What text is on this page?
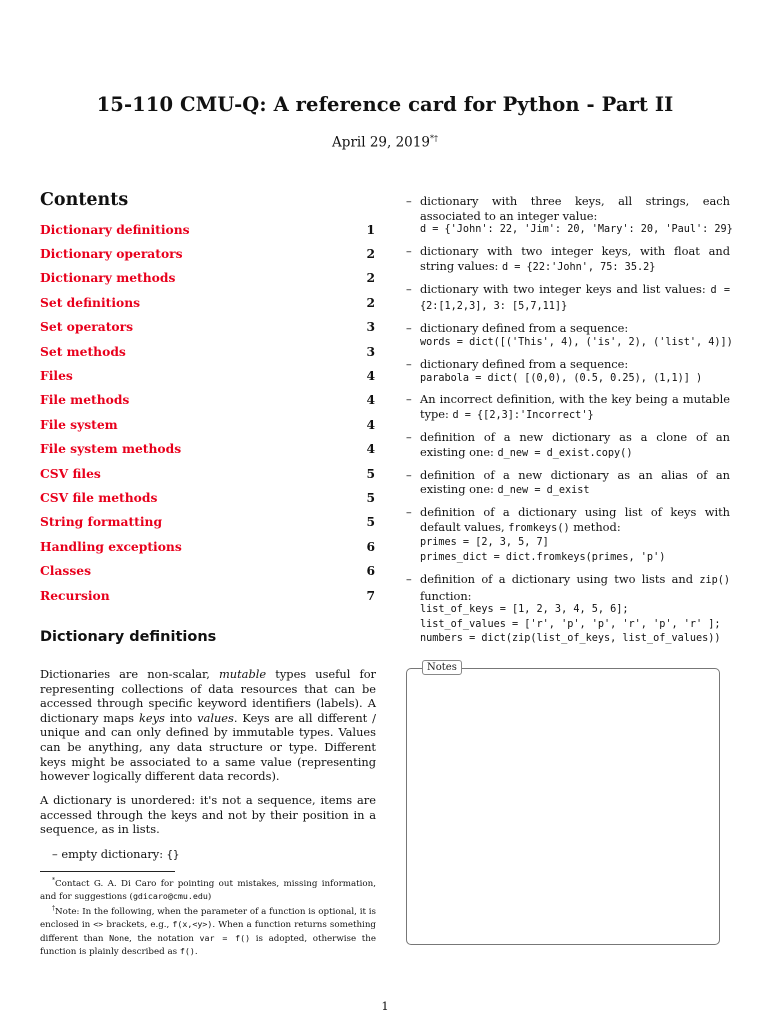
15-110 CMU-Q: A reference card for Python - Part II
April 29, 2019*†
Contents
Dictionary definitions	1
Dictionary operators	2
Dictionary methods	2
Set definitions	2
Set operators	3
Set methods	3
Files	4
File methods	4
File system	4
File system methods	4
CSV files	5
CSV file methods	5
String formatting	5
Handling exceptions	6
Classes	6
Recursion	7
Dictionary definitions
Dictionaries are non-scalar, mutable types useful for representing collections of data resources that can be accessed through specific keyword identifiers (labels). A dictionary maps keys into values. Keys are all different / unique and can only defined by immutable types. Values can be anything, any data structure or type. Different keys might be associated to a same value (representing however logically different data records).
A dictionary is unordered: it's not a sequence, items are accessed through the keys and not by their position in a sequence, as in lists.
– empty dictionary: {}

*Contact G. A. Di Caro for pointing out mistakes, missing information, and for suggestions (gdicaro@cmu.edu)

†Note: In the following, when the parameter of a function is optional, it is enclosed in <> brackets, e.g., f(x,<y>). When a function returns something different than None, the notation var = f() is adopted, otherwise the function is plainly described as f().

– dictionary with three keys, all strings, each associated to an integer value:
d = {'John': 22, 'Jim': 20, 'Mary': 20, 'Paul': 29}
– dictionary with two integer keys, with float and string values: d = {22:'John', 75: 35.2}
– dictionary with two integer keys and list values: d = {2:[1,2,3], 3: [5,7,11]}
– dictionary defined from a sequence:
words = dict([('This', 4), ('is', 2), ('list', 4)])
– dictionary defined from a sequence:
parabola = dict( [(0,0), (0.5, 0.25), (1,1)] )
– An incorrect definition, with the key being a mutable type: d = {[2,3]:'Incorrect'}
– definition of a new dictionary as a clone of an existing one: d_new = d_exist.copy()
– definition of a new dictionary as an alias of an existing one: d_new = d_exist
– definition of a dictionary using list of keys with default values, fromkeys() method:
primes = [2, 3, 5, 7]
primes_dict = dict.fromkeys(primes, 'p')
– definition of a dictionary using two lists and zip() function:
list_of_keys = [1, 2, 3, 4, 5, 6];
list_of_values = ['r', 'p', 'p', 'r', 'p', 'r' ];
numbers = dict(zip(list_of_keys, list_of_values))
Notes
1
